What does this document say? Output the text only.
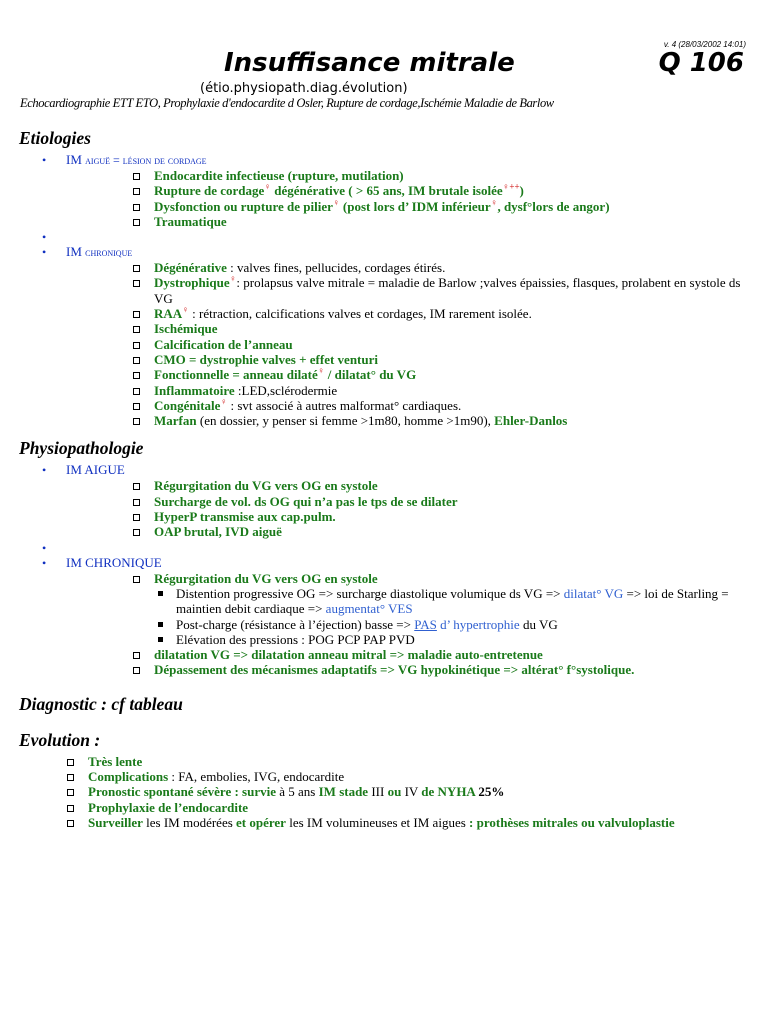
v. 4 (28/03/2002 14:01)
Insuffisance mitrale	Q 106
(étio.physiopath.diag.évolution)
Echocardiographie ETT ETO, Prophylaxie d'endocardite d Osler, Rupture de cordage,Ischémie Maladie de Barlow
Etiologies
• IM aiguë = lésion de cordage
Endocardite infectieuse (rupture, mutilation)
Rupture de cordage♀ dégénérative ( > 65 ans, IM brutale isolée♀++)
Dysfonction ou rupture de pilier♀ (post lors d’ IDM inférieur♀, dysf°lors de angor)
Traumatique
•
• IM chronique
Dégénérative : valves fines, pellucides, cordages étirés.
Dystrophique♀: prolapsus valve mitrale = maladie de Barlow ;valves épaissies, flasques, prolabent en systole ds VG
RAA♀ : rétraction, calcifications valves et cordages, IM rarement isolée.
Ischémique
Calcification de l’anneau
CMO = dystrophie valves + effet venturi
Fonctionnelle = anneau dilaté♀ / dilatat° du VG
Inflammatoire :LED,sclérodermie
Congénitale♀ : svt associé à autres malformat° cardiaques.
Marfan (en dossier, y penser si femme >1m80, homme >1m90), Ehler-Danlos
Physiopathologie
• IM AIGUE
Régurgitation du VG vers OG en systole
Surcharge de vol. ds OG qui n’a pas le tps de se dilater
HyperP transmise aux cap.pulm.
OAP brutal, IVD aiguë
•
• IM CHRONIQUE
Régurgitation du VG vers OG en systole
Distention progressive OG => surcharge diastolique volumique ds VG => dilatat° VG => loi de Starling = maintien debit cardiaque => augmentat° VES
Post-charge (résistance à l’éjection) basse => PAS d’ hypertrophie du VG
Elévation des pressions : POG PCP PAP PVD
dilatation VG => dilatation anneau mitral => maladie auto-entretenue
Dépassement des mécanismes adaptatifs => VG hypokinétique => altérat° f°systolique.
Diagnostic : cf tableau
Evolution :
Très lente
Complications : FA, embolies, IVG, endocardite
Pronostic spontané sévère : survie à 5 ans IM stade III ou IV de NYHA 25%
Prophylaxie de l’endocardite
Surveiller les IM modérées et opérer les IM volumineuses et IM aigues : prothèses mitrales ou valvuloplastie
